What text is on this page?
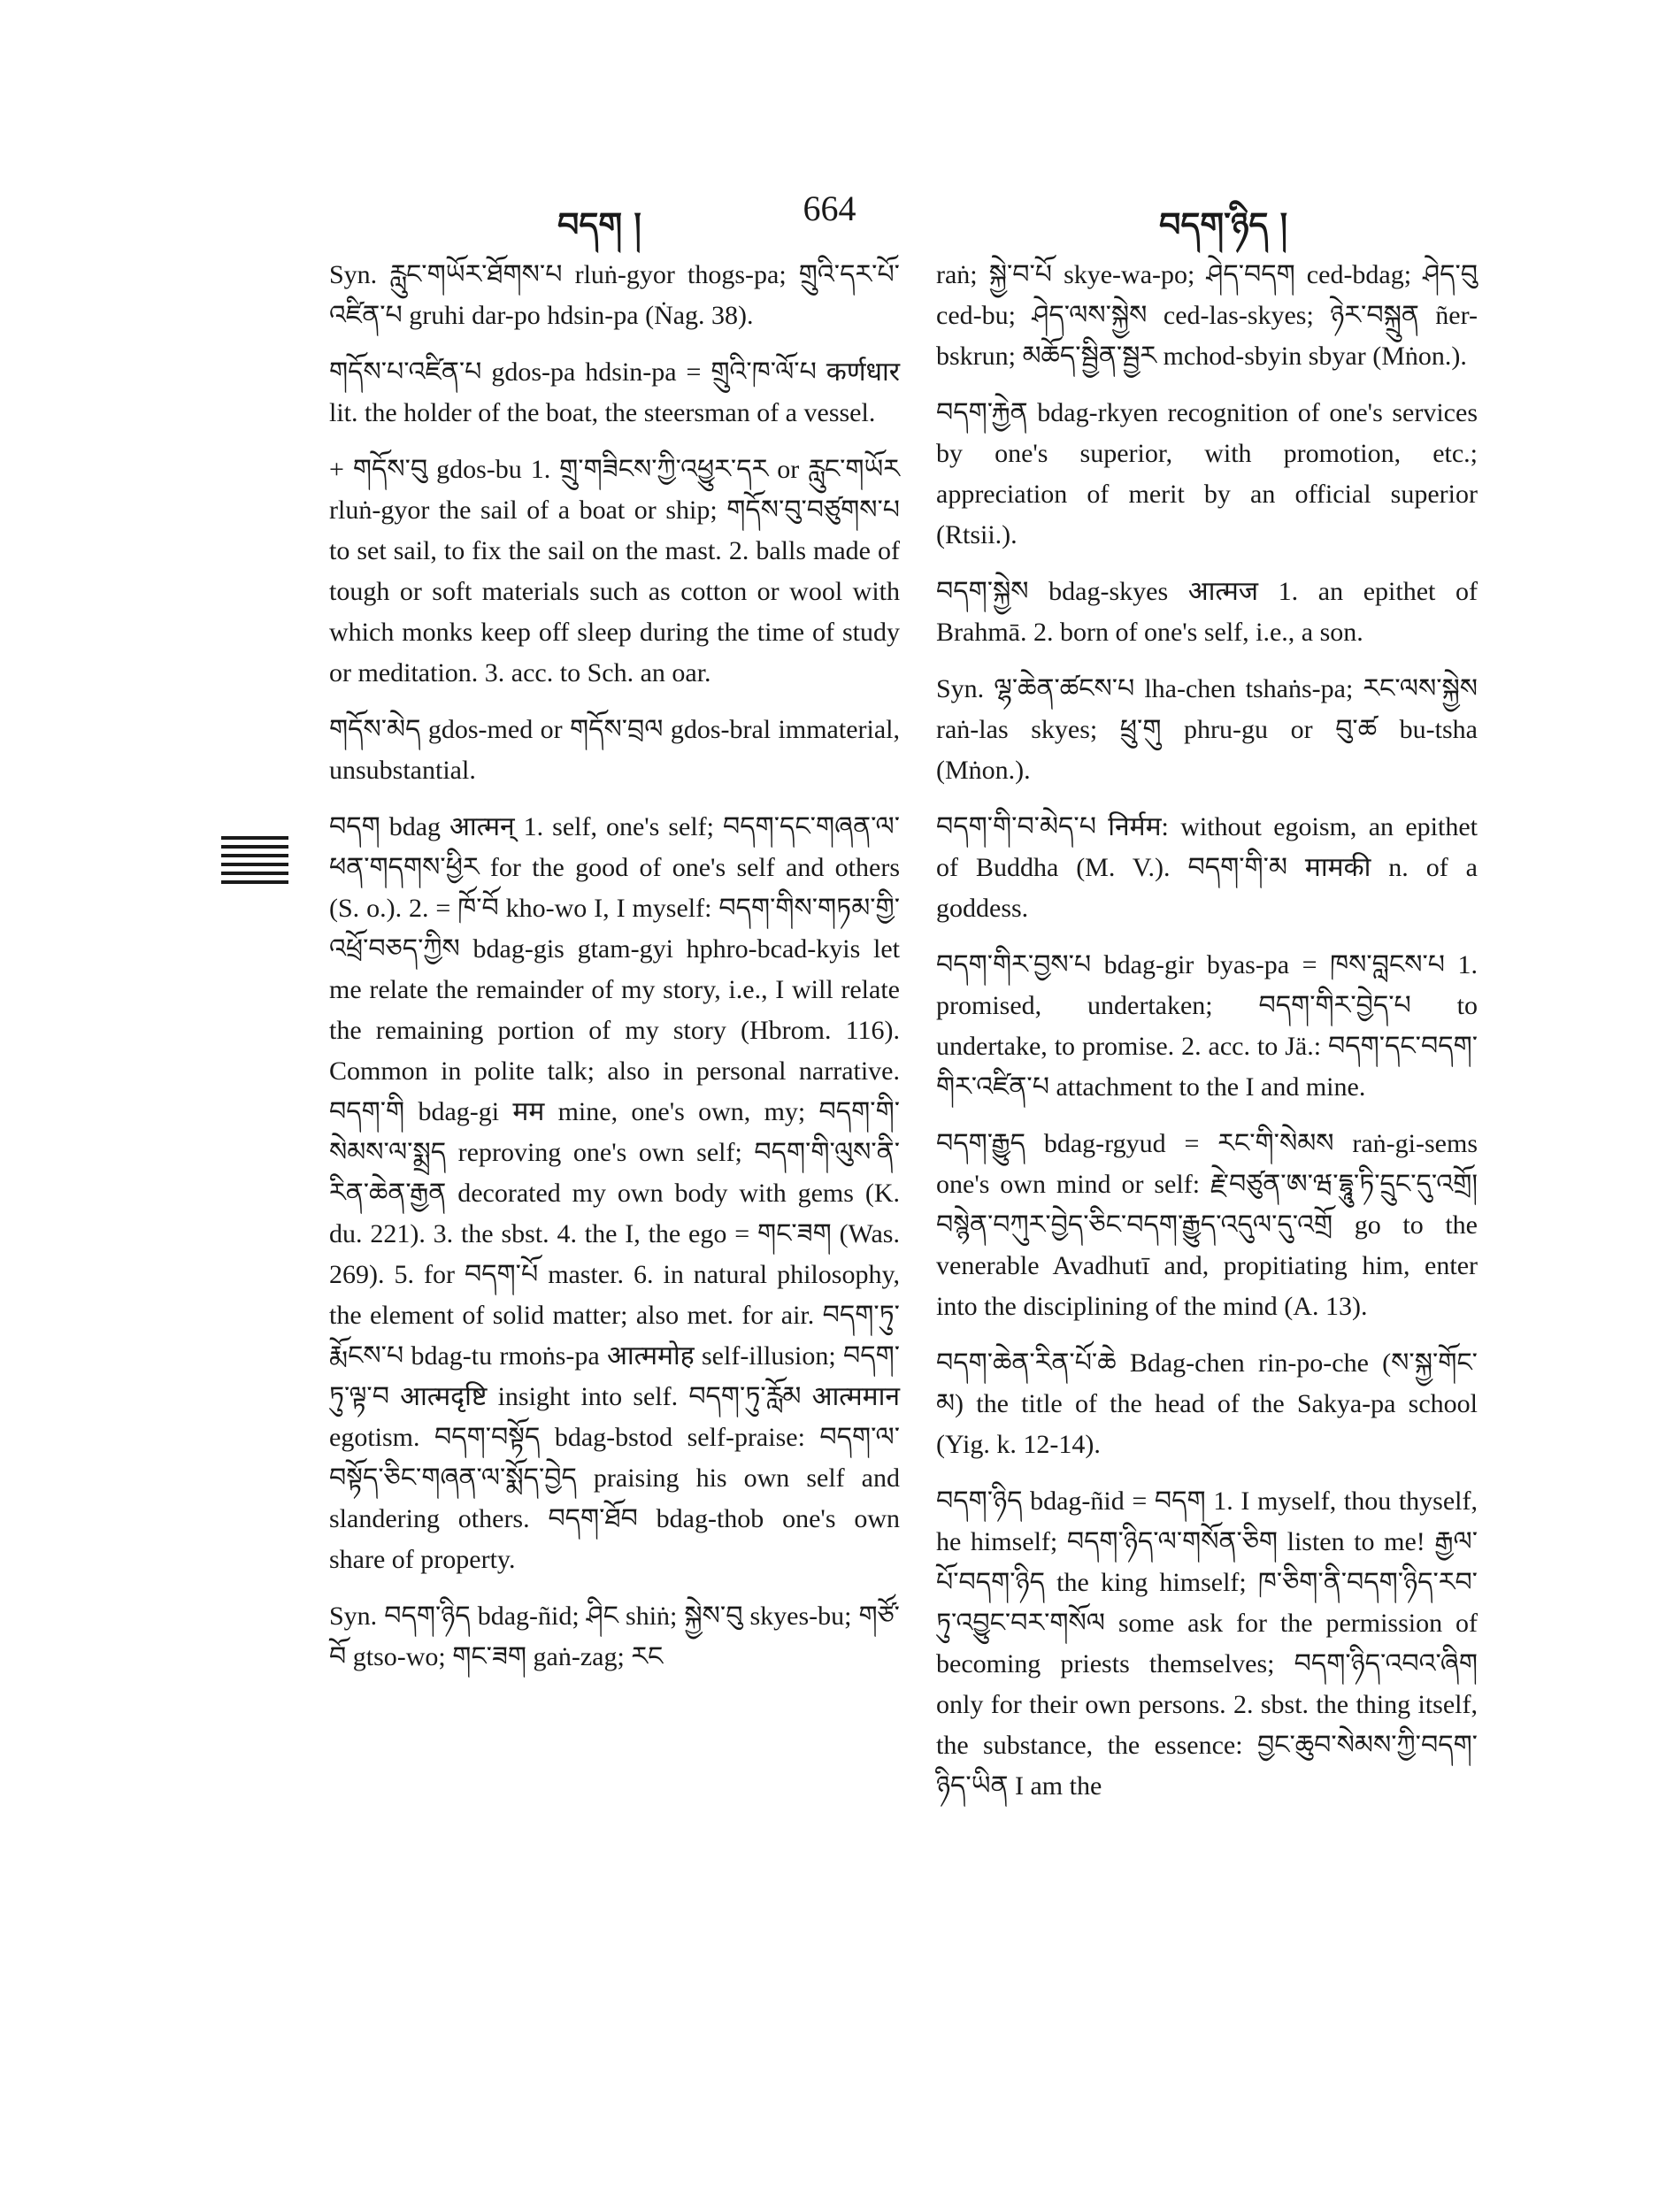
བདག །	664	བདག་ཉིད །

Syn. རླུང་གཡོར་ཐོགས་པ rluṅ-gyor thogs-pa; གྲུའི་དར་པོ་འཛིན་པ gruhi dar-po hdsin-pa (Ṅag. 38).

གདོས་པ་འཛིན་པ gdos-pa hdsin-pa = གྲུའི་ཁ་ལོ་པ कर्णधार lit. the holder of the boat, the steersman of a vessel.

+ གདོས་བུ gdos-bu 1. གྲུ་གཟིངས་ཀྱི་འཕྱུར་དར or རླུང་གཡོར rluṅ-gyor the sail of a boat or ship; གདོས་བུ་བཙུགས་པ to set sail, to fix the sail on the mast. 2. balls made of tough or soft materials such as cotton or wool with which monks keep off sleep during the time of study or meditation. 3. acc. to Sch. an oar.

གདོས་མེད gdos-med or གདོས་བྲལ gdos-bral immaterial, unsubstantial.

བདག bdag आत्मन् 1. self, one's self; བདག་དང་གཞན་ལ་ཕན་གདགས་ཕྱིར for the good of one's self and others (S. o.). 2. = ཁོ་བོ kho-wo I, I myself: བདག་གིས་གཏམ་གྱི་འཕྲོ་བཅད་ཀྱིས bdag-gis gtam-gyi hphro-bcad-kyis let me relate the remainder of my story, i.e., I will relate the remaining portion of my story (Hbrom. 116). Common in polite talk; also in personal narrative. བདག་གི bdag-gi मम mine, one's own, my; བདག་གི་སེམས་ལ་སྨྲད reproving one's own self; བདག་གི་ལུས་ནི་རིན་ཆེན་རྒྱན decorated my own body with gems (K. du. 221). 3. the sbst. 4. the I, the ego = གང་ཟག (Was. 269). 5. for བདག་པོ master. 6. in natural philosophy, the element of solid matter; also met. for air. བདག་ཏུ་རྨོངས་པ bdag-tu rmoṅs-pa आत्ममोह self-illusion; བདག་ཏུ་ལྟ་བ आत्मदृष्टि insight into self. བདག་ཏུ་རློམ आत्ममान egotism. བདག་བསྟོད bdag-bstod self-praise: བདག་ལ་བསྟོད་ཅིང་གཞན་ལ་སྨོད་བྱེད praising his own self and slandering others. བདག་ཐོབ bdag-thob one's own share of property.

Syn. བདག་ཉིད bdag-ñid; ཤིང shiṅ; སྐྱེས་བུ skyes-bu; གཙོ་བོ gtso-wo; གང་ཟག gaṅ-zag; རང

raṅ; སྐྱེ་བ་པོ skye-wa-po; ཤེད་བདག ced-bdag; ཤེད་བུ ced-bu; ཤེད་ལས་སྐྱེས ced-las-skyes; ཉེར་བསྐྲུན ñer-bskrun; མཆོད་སྦྱིན་སྦྱར mchod-sbyin sbyar (Mṅon.).

བདག་རྐྱེན bdag-rkyen recognition of one's services by one's superior, with promotion, etc.; appreciation of merit by an official superior (Rtsii.).

བདག་སྐྱེས bdag-skyes आत्मज 1. an epithet of Brahmā. 2. born of one's self, i.e., a son.

Syn. ལྷ་ཆེན་ཚངས་པ lha-chen tshaṅs-pa; རང་ལས་སྐྱེས raṅ-las skyes; ཕྲུ་གུ phru-gu or བུ་ཚ bu-tsha (Mṅon.).

བདག་གི་བ་མེད་པ निर्मम: without egoism, an epithet of Buddha (M. V.). བདག་གི་མ मामकी n. of a goddess.

བདག་གིར་བྱས་པ bdag-gir byas-pa = ཁས་བླངས་པ 1. promised, undertaken; བདག་གིར་བྱེད་པ to undertake, to promise. 2. acc. to Jä.: བདག་དང་བདག་གིར་འཛིན་པ attachment to the I and mine.

བདག་རྒྱུད bdag-rgyud = རང་གི་སེམས raṅ-gi-sems one's own mind or self: རྗེ་བཙུན་ཨ་ཝ་དྷཱུ་ཏི་དྲུང་དུ་འགྲོ། བསྙེན་བཀུར་བྱེད་ཅིང་བདག་རྒྱུད་འདུལ་དུ་འགྲོ go to the venerable Avadhutī and, propitiating him, enter into the disciplining of the mind (A. 13).

བདག་ཆེན་རིན་པོ་ཆེ Bdag-chen rin-po-che (ས་སྐྱ་གོང་མ) the title of the head of the Sakya-pa school (Yig. k. 12-14).

བདག་ཉིད bdag-ñid = བདག 1. I myself, thou thyself, he himself; བདག་ཉིད་ལ་གསོན་ཅིག listen to me! རྒྱལ་པོ་བདག་ཉིད the king himself; ཁ་ཅིག་ནི་བདག་ཉིད་རབ་ཏུ་འབྱུང་བར་གསོལ some ask for the permission of becoming priests themselves; བདག་ཉིད་འབའ་ཞིག only for their own persons. 2. sbst. the thing itself, the substance, the essence: བྱང་ཆུབ་སེམས་ཀྱི་བདག་ཉིད་ཡིན I am the
